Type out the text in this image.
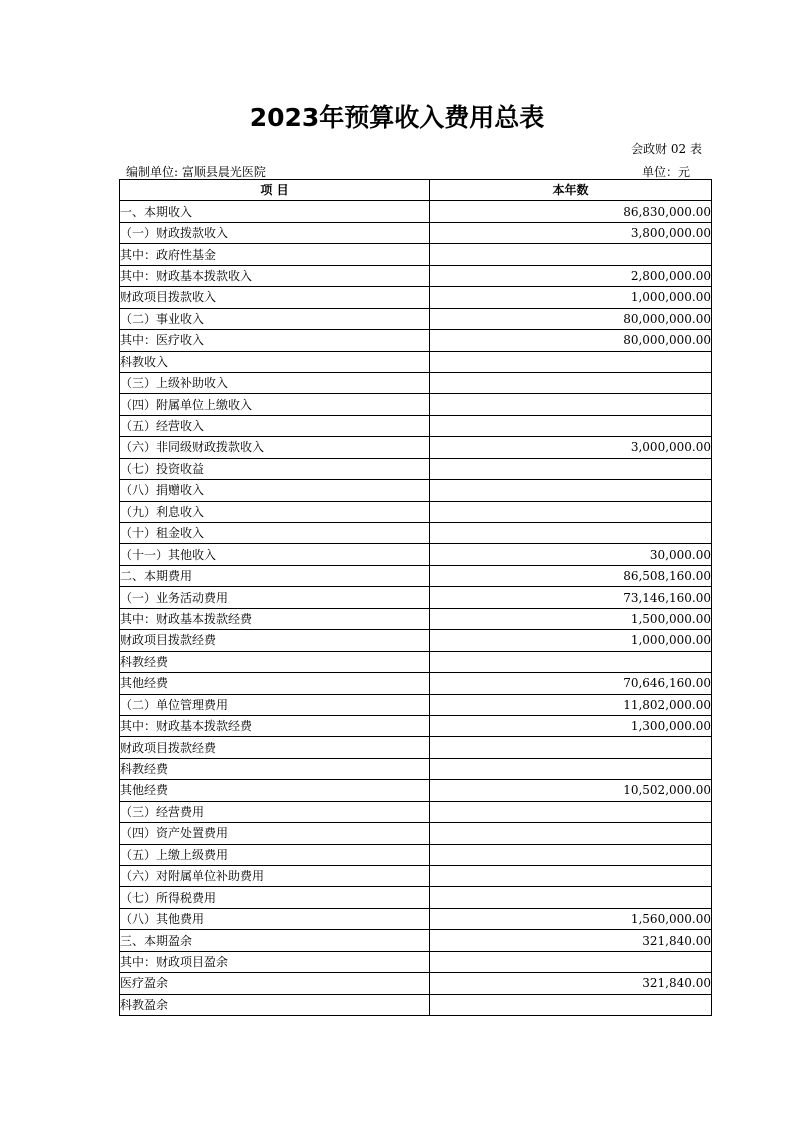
2023年预算收入费用总表
会政财 02 表
编制单位: 富顺县晨光医院	单位：元
项 目	本年数
一、本期收入	86,830,000.00
（一）财政拨款收入	3,800,000.00
其中：政府性基金	
其中：财政基本拨款收入	2,800,000.00
财政项目拨款收入	1,000,000.00
（二）事业收入	80,000,000.00
其中：医疗收入	80,000,000.00
科教收入	
（三）上级补助收入	
（四）附属单位上缴收入	
（五）经营收入	
（六）非同级财政拨款收入	3,000,000.00
（七）投资收益	
（八）捐赠收入	
（九）利息收入	
（十）租金收入	
（十一）其他收入	30,000.00
二、本期费用	86,508,160.00
（一）业务活动费用	73,146,160.00
其中：财政基本拨款经费	1,500,000.00
财政项目拨款经费	1,000,000.00
科教经费	
其他经费	70,646,160.00
（二）单位管理费用	11,802,000.00
其中：财政基本拨款经费	1,300,000.00
财政项目拨款经费	
科教经费	
其他经费	10,502,000.00
（三）经营费用	
（四）资产处置费用	
（五）上缴上级费用	
（六）对附属单位补助费用	
（七）所得税费用	
（八）其他费用	1,560,000.00
三、本期盈余	321,840.00
其中：财政项目盈余	
医疗盈余	321,840.00
科教盈余	
